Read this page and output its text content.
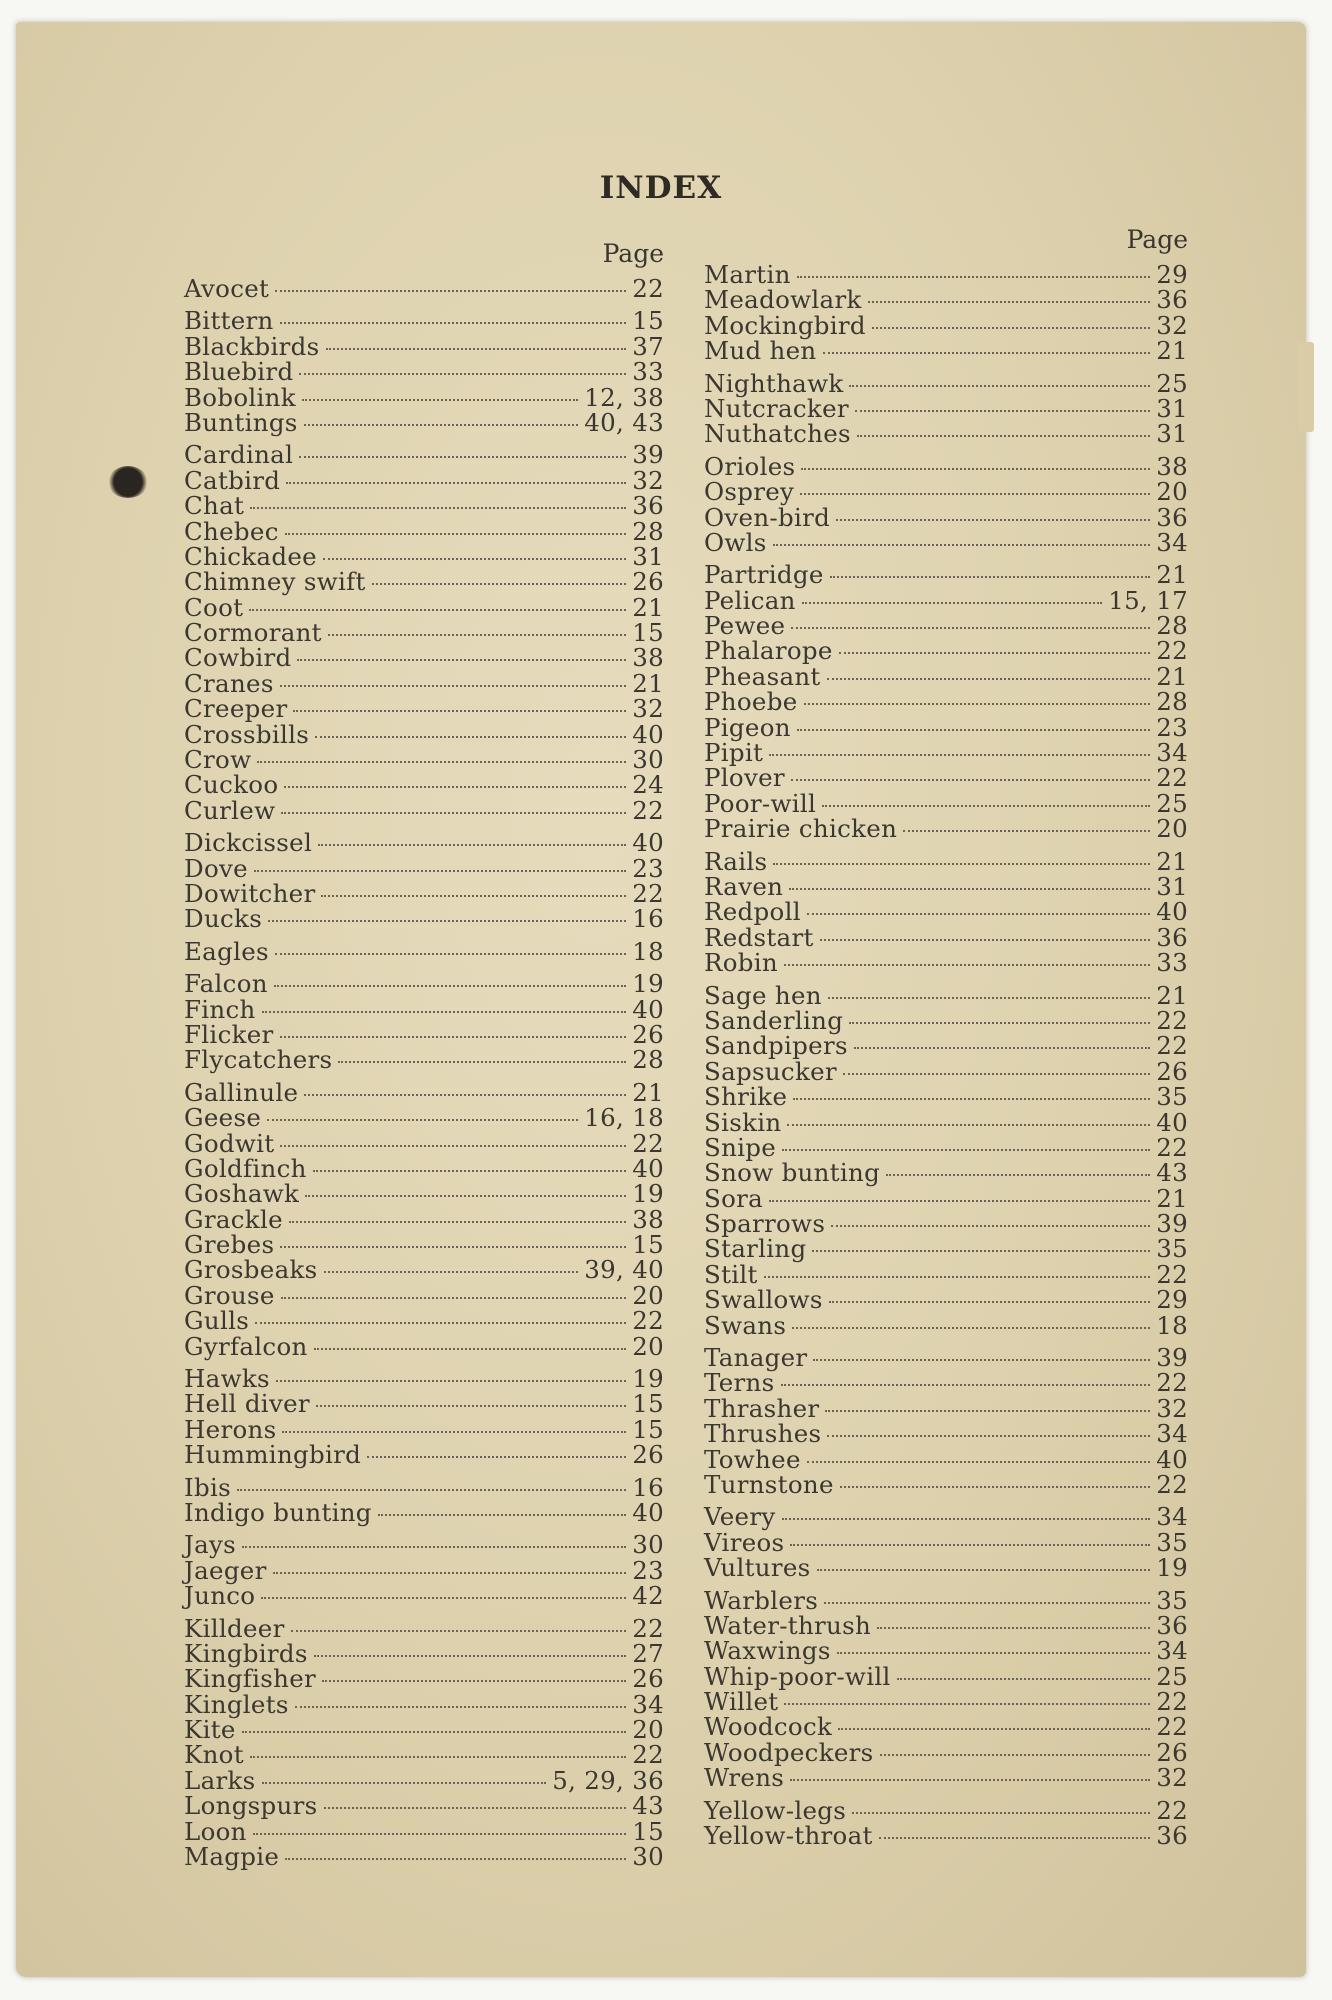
INDEX
Page
Avocet	22
Bittern	15
Blackbirds	37
Bluebird	33
Bobolink	12, 38
Buntings	40, 43
Cardinal	39
Catbird	32
Chat	36
Chebec	28
Chickadee	31
Chimney swift	26
Coot	21
Cormorant	15
Cowbird	38
Cranes	21
Creeper	32
Crossbills	40
Crow	30
Cuckoo	24
Curlew	22
Dickcissel	40
Dove	23
Dowitcher	22
Ducks	16
Eagles	18
Falcon	19
Finch	40
Flicker	26
Flycatchers	28
Gallinule	21
Geese	16, 18
Godwit	22
Goldfinch	40
Goshawk	19
Grackle	38
Grebes	15
Grosbeaks	39, 40
Grouse	20
Gulls	22
Gyrfalcon	20
Hawks	19
Hell diver	15
Herons	15
Hummingbird	26
Ibis	16
Indigo bunting	40
Jays	30
Jaeger	23
Junco	42
Killdeer	22
Kingbirds	27
Kingfisher	26
Kinglets	34
Kite	20
Knot	22
Larks	5, 29, 36
Longspurs	43
Loon	15
Magpie	30
Page
Martin	29
Meadowlark	36
Mockingbird	32
Mud hen	21
Nighthawk	25
Nutcracker	31
Nuthatches	31
Orioles	38
Osprey	20
Oven-bird	36
Owls	34
Partridge	21
Pelican	15, 17
Pewee	28
Phalarope	22
Pheasant	21
Phoebe	28
Pigeon	23
Pipit	34
Plover	22
Poor-will	25
Prairie chicken	20
Rails	21
Raven	31
Redpoll	40
Redstart	36
Robin	33
Sage hen	21
Sanderling	22
Sandpipers	22
Sapsucker	26
Shrike	35
Siskin	40
Snipe	22
Snow bunting	43
Sora	21
Sparrows	39
Starling	35
Stilt	22
Swallows	29
Swans	18
Tanager	39
Terns	22
Thrasher	32
Thrushes	34
Towhee	40
Turnstone	22
Veery	34
Vireos	35
Vultures	19
Warblers	35
Water-thrush	36
Waxwings	34
Whip-poor-will	25
Willet	22
Woodcock	22
Woodpeckers	26
Wrens	32
Yellow-legs	22
Yellow-throat	36
